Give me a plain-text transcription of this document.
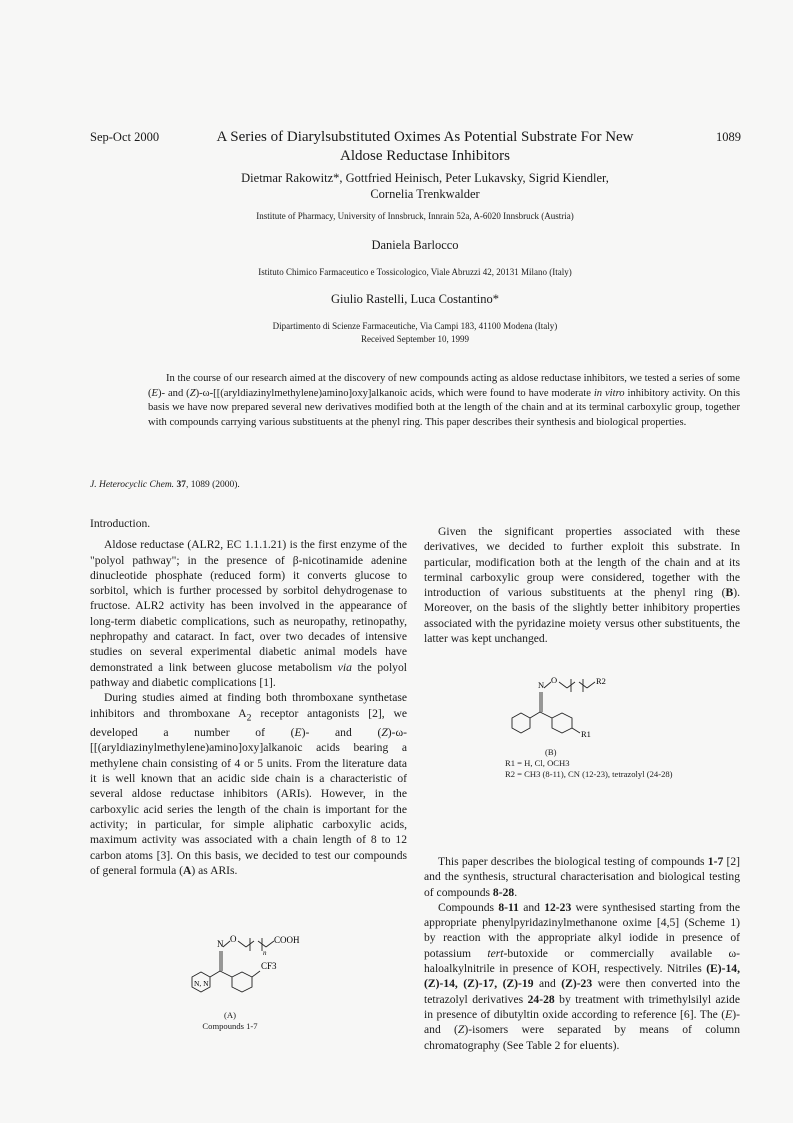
Sep-Oct 2000	1089
A Series of Diarylsubstituted Oximes As Potential Substrate For New
Aldose Reductase Inhibitors
Dietmar Rakowitz*, Gottfried Heinisch, Peter Lukavsky, Sigrid Kiendler,
Cornelia Trenkwalder
Institute of Pharmacy, University of Innsbruck, Innrain 52a, A-6020 Innsbruck (Austria)
Daniela Barlocco
Istituto Chimico Farmaceutico e Tossicologico, Viale Abruzzi 42, 20131 Milano (Italy)
Giulio Rastelli, Luca Costantino*
Dipartimento di Scienze Farmaceutiche, Via Campi 183, 41100 Modena (Italy)
Received September 10, 1999
In the course of our research aimed at the discovery of new compounds acting as aldose reductase inhibitors, we tested a series of some (E)- and (Z)-ω-[[(aryldiazinylmethylene)amino]oxy]alkanoic acids, which were found to have moderate in vitro inhibitory activity. On this basis we have now prepared several new derivatives modified both at the length of the chain and at its terminal carboxylic group, together with compounds carrying various substituents at the phenyl ring. This paper describes their synthesis and biological properties.
J. Heterocyclic Chem. 37, 1089 (2000).

Introduction.

Aldose reductase (ALR2, EC 1.1.1.21) is the first enzyme of the "polyol pathway"; in the presence of β-nicotinamide adenine dinucleotide phosphate (reduced form) it converts glucose to sorbitol, which is further processed by sorbitol dehydrogenase to fructose. ALR2 activity has been involved in the appearance of long-term diabetic complications, such as neuropathy, retinopathy, nephropathy and cataract. In fact, over two decades of intensive studies on several experimental diabetic animal models have demonstrated a link between glucose metabolism via the polyol pathway and diabetic complications [1].

During studies aimed at finding both thromboxane synthetase inhibitors and thromboxane $A_2$ receptor antagonists [2], we developed a number of (E)- and (Z)-ω-[[(aryldiazinylmethylene)amino]oxy]alkanoic acids bearing a methylene chain consisting of 4 or 5 units. From the literature data it is well known that an acidic side chain is a characteristic of several aldose reductase inhibitors (ARIs). However, in the carboxylic acid series the length of the chain is important for the activity; in particular, for simple aliphatic carboxylic acids, maximum activity was associated with a chain length of 8 to 12 carbon atoms [3]. On this basis, we decided to test our compounds of general formula (A) as ARIs.

N O	COOH
CF3
n
N, N
(A)
Compounds 1-7

Given the significant properties associated with these derivatives, we decided to further exploit this substrate. In particular, modification both at the length of the chain and at its terminal carboxylic group were considered, together with the introduction of various substituents at the phenyl ring (B). Moreover, on the basis of the slightly better inhibitory properties associated with the pyridazine moiety versus other substituents, the latter was kept unchanged.

N O	R2
R1
(B)
R1 = H, Cl, OCH3
R2 = CH3 (8-11), CN (12-23), tetrazolyl (24-28)

This paper describes the biological testing of compounds 1-7 [2] and the synthesis, structural characterisation and biological testing of compounds 8-28.

Compounds 8-11 and 12-23 were synthesised starting from the appropriate phenylpyridazinylmethanone oxime [4,5] (Scheme 1) by reaction with the appropriate alkyl iodide in presence of potassium tert-butoxide or commercially available ω-haloalkylnitrile in presence of KOH, respectively. Nitriles (E)-14, (Z)-14, (Z)-17, (Z)-19 and (Z)-23 were then converted into the tetrazolyl derivatives 24-28 by treatment with trimethylsilyl azide in presence of dibutyltin oxide according to reference [6]. The (E)- and (Z)-isomers were separated by means of column chromatography (See Table 2 for eluents).
